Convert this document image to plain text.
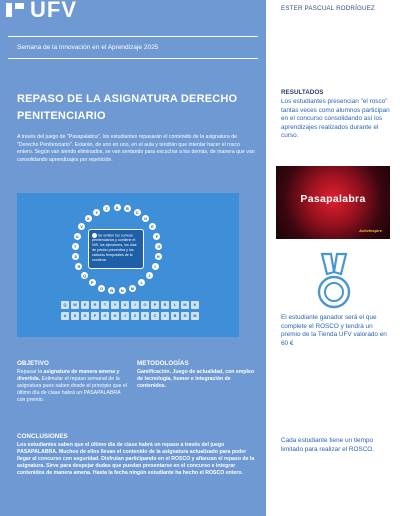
UFV
Semana de la Innovación en el Aprendizaje 2025
REPASO DE LA ASIGNATURA DERECHO PENITENCIARIO
A través del juego de "Pasapalabra", los estudiantes repasarán el contenido de la asignatura de "Derecho Penitenciario". Estarán, de uno en uno, en el aula y tendrán que intentar hacer el rosco entero. Según van siendo eliminados, se van sentando para escuchar a los demás, de manera que van consolidando aprendizajes por repetición.
A	B
C
D
E
F
G
H
I
J
L
M
N
Ñ
O
P
Q
R
S
T
U
V
X
Y
Z
Se emiten los correos penitenciarios y contiene el NIS, los ejecutores, los días de prisión preventiva y los cálculos temporales de la condena.
Q	W	E	R	T	Y	U	I	O	P	Ñ	L	M	K
A	S	D	F	G	H	J	Z	X	C	V	B	N	M
OBJETIVO
Repasar la asignatura de manera amena y divertida. Estimular el repaso semanal de la asignatura pues saben desde el principio que el último día de clase habrá un PASAPALABRA con premio.
METODOLOGÍAS
Gamificación. Juego de actualidad, con empleo de tecnología, humor e integración de contenidos.
CONCLUSIONES
Los estudiantes saben que el último día de clase habrá un repaso a través del juego PASAPALABRA. Muchos de ellos llevan el contenido de la asignatura actualizado para poder llegar al concurso con seguridad. Disfrutan participando en el ROSCO y afianzan el repaso de la asignatura. Sirve para despejar dudas que puedan presentarse en el concurso e integrar contenidos de manera amena. Hasta la fecha ningún estudiante ha hecho el ROSCO entero.
ESTER PASCUAL RODRÍGUEZ
RESULTADOS
Los estudiantes presencian "el rosco" tantas veces como alumnos participan en el concurso consolidando así los aprendizajes realizados durante el curso.
Pasapalabra
ActivInspire
El estudiante ganador será el que complete el ROSCO y tendrá un premio de la Tienda UFV valorado en 60 €
Cada estudiante tiene un tiempo limitado para realizar el ROSCO.
